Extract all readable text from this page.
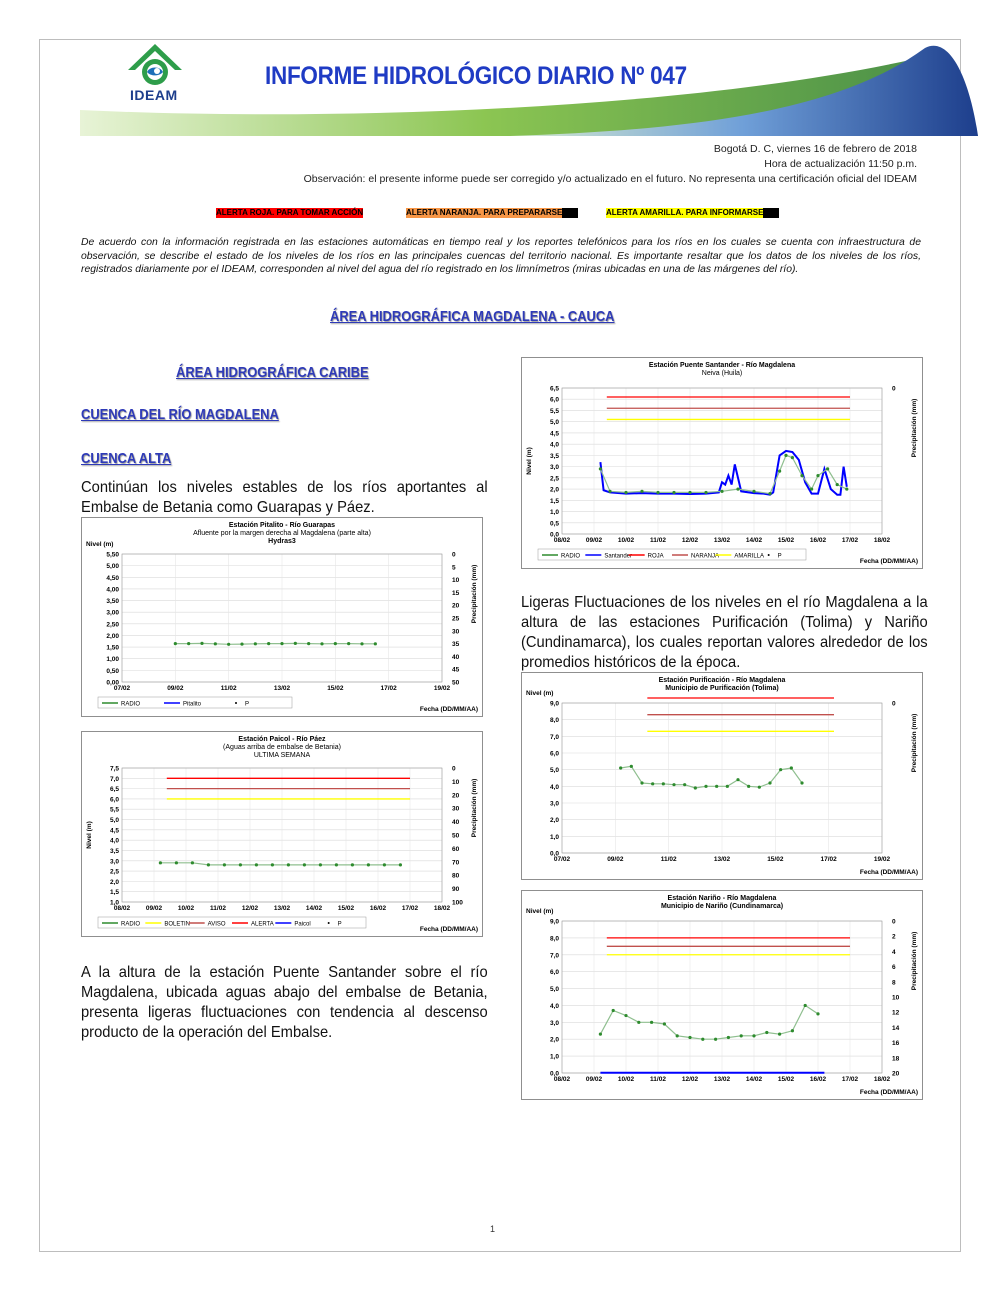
IDEAM
INFORME HIDROLÓGICO DIARIO Nº 047
Bogotá D. C, viernes 16 de febrero de 2018
Hora de actualización 11:50 p.m.
Observación: el presente informe puede ser corregido y/o actualizado en el futuro. No representa una certificación oficial del IDEAM
ALERTA ROJA. PARA TOMAR ACCIÓN	ALERTA NARANJA. PARA PREPARARSE	ALERTA AMARILLA. PARA INFORMARSE
De acuerdo con la información registrada en las estaciones automáticas en tiempo real y los reportes telefónicos para los ríos en los cuales se cuenta con infraestructura de observación, se describe el estado de los niveles de los ríos en las principales cuencas del territorio nacional. Es importante resaltar que los datos de los niveles de los ríos, registrados diariamente por el IDEAM, corresponden al nivel del agua del río registrado en los limnímetros (miras ubicadas en una de las márgenes del río).
ÁREA HIDROGRÁFICA MAGDALENA - CAUCA
ÁREA HIDROGRÁFICA CARIBE
CUENCA DEL RÍO MAGDALENA
CUENCA ALTA
Continúan los niveles estables de los ríos aportantes al Embalse de Betania como Guarapas y Páez.
A la altura de la estación Puente Santander sobre el río Magdalena, ubicada aguas abajo del embalse de Betania, presenta ligeras fluctuaciones con tendencia al descenso producto de la operación del Embalse.
Ligeras Fluctuaciones de los niveles en el río Magdalena a la altura de las estaciones Purificación (Tolima) y Nariño (Cundinamarca), los cuales reportan valores alrededor de los promedios históricos de la época.
Estación Pitalito - Río Guarapas
Afluente por la margen derecha al Magdalena (parte alta)
Hydras3
0,00
0,50
1,00
1,50
2,00
2,50
3,00
3,50
4,00
4,50
5,00
5,50
07/02	09/02	11/02	13/02	15/02	17/02	19/02
0
5
10
15
20
25
30
35
40
45
50
Nivel (m)
Precipitación (mm)
Fecha (DD/MM/AA)
RADIO	Pitalito	P
Estación Paicol - Río Páez
(Aguas arriba de embalse de Betania)
ULTIMA SEMANA
1,0
1,5
2,0
2,5
3,0
3,5
4,0
4,5
5,0
5,5
6,0
6,5
7,0
7,5
08/02 09/02 10/02 11/02 12/02 13/02 14/02 15/02 16/02 17/02 18/02
0
10
20
30
40
50
60
70
80
90
100
Nivel (m)	Precipitación (mm)
Fecha (DD/MM/AA)
RADIO	BOLETIN	AVISO	ALERTA	Paicol	P
Estación Puente Santander - Río Magdalena
Neiva (Huila)
0,0
0,5
1,0
1,5
2,0
2,5
3,0
3,5
4,0
4,5
5,0
5,5
6,0
6,5
08/02 09/02 10/02 11/02 12/02 13/02 14/02 15/02 16/02 17/02 18/02
0
Nivel (m)
Precipitación (mm)
Fecha (DD/MM/AA)
RADIO	Santander	ROJA	NARANJA	AMARILLA P
Estación Purificación - Río Magdalena
Municipio de Purificación (Tolima)
0,0
1,0
2,0
3,0
4,0
5,0
6,0
7,0
8,0
9,0
07/02	09/02	11/02	13/02	15/02	17/02	19/02
0
Nivel (m)
Precipitación (mm)
Fecha (DD/MM/AA)
Estación Nariño - Río Magdalena
Municipio de Nariño (Cundinamarca)
0,0
1,0
2,0
3,0
4,0
5,0
6,0
7,0
8,0
9,0
08/02 09/02 10/02 11/02 12/02 13/02 14/02 15/02 16/02 17/02 18/02
0
2
4
6
8
10
12
14
16
18
20
Nivel (m)
Precipitación (mm)
Fecha (DD/MM/AA)
1
